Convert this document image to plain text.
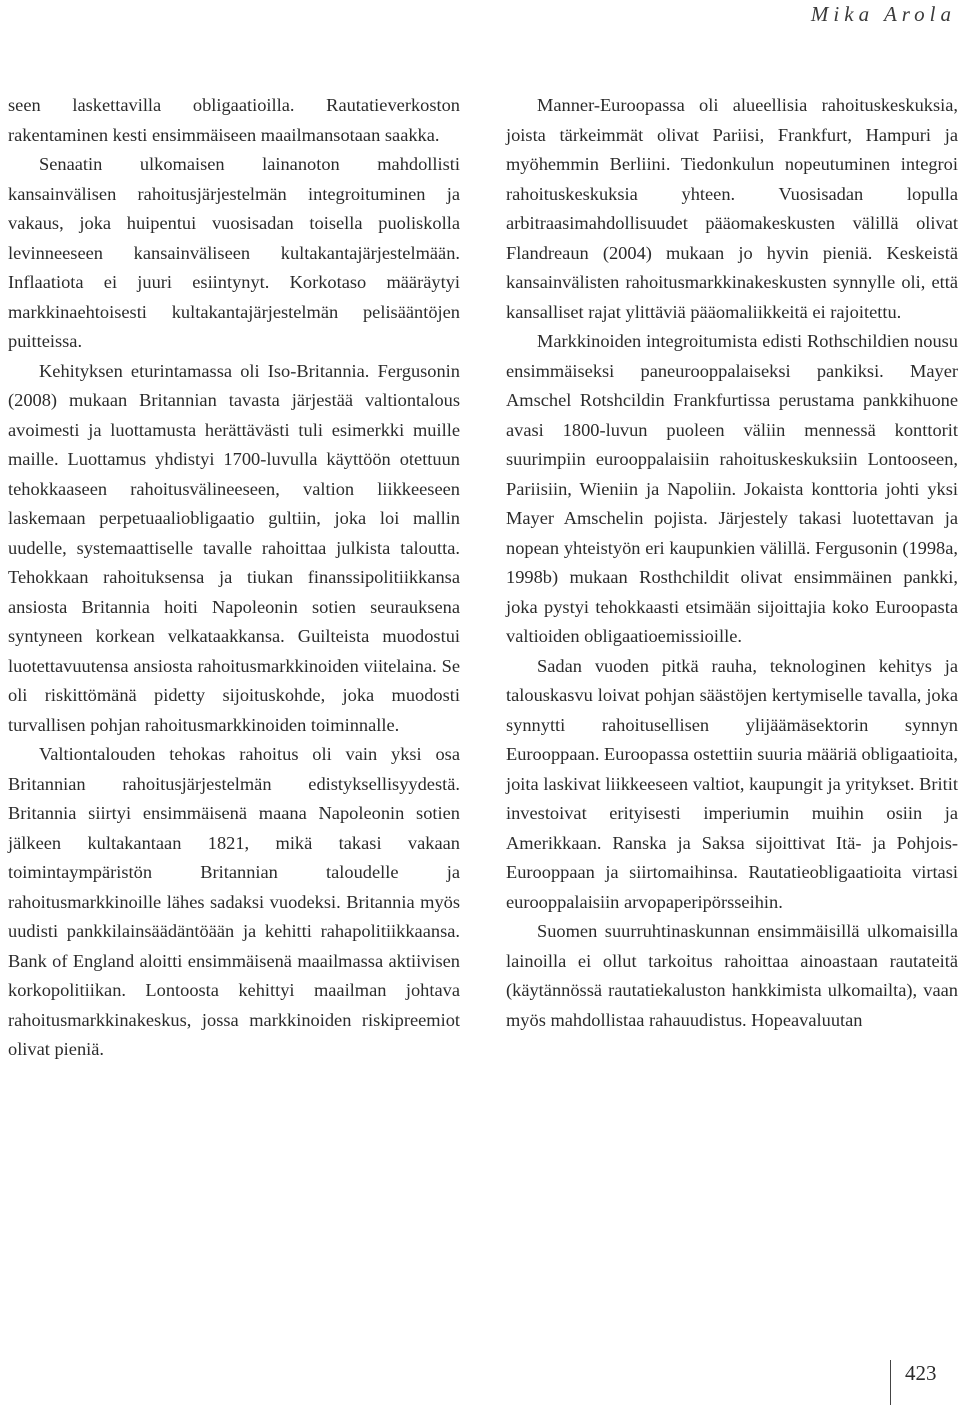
Mika Arola

seen laskettavilla obligaatioilla. Rautatieverkoston rakentaminen kesti ensimmäiseen maailmansotaan saakka.

Senaatin ulkomaisen lainanoton mahdollisti kansainvälisen rahoitusjärjestelmän integroituminen ja vakaus, joka huipentui vuosisadan toisella puoliskolla levinneeseen kansainväliseen kultakantajärjestelmään. Inflaatiota ei juuri esiintynyt. Korkotaso määräytyi markkinaehtoisesti kultakantajärjestelmän pelisääntöjen puitteissa.

Kehityksen eturintamassa oli Iso-Britannia. Fergusonin (2008) mukaan Britannian tavasta järjestää valtiontalous avoimesti ja luottamusta herättävästi tuli esimerkki muille maille. Luottamus yhdistyi 1700-luvulla käyttöön otettuun tehokkaaseen rahoitusvälineeseen, valtion liikkeeseen laskemaan perpetuaaliobligaatio gultiin, joka loi mallin uudelle, systemaattiselle tavalle rahoittaa julkista taloutta. Tehokkaan rahoituksensa ja tiukan finanssipolitiikkansa ansiosta Britannia hoiti Napoleonin sotien seurauksena syntyneen korkean velkataakkansa. Guilteista muodostui luotettavuutensa ansiosta rahoitusmarkkinoiden viitelaina. Se oli riskittömänä pidetty sijoituskohde, joka muodosti turvallisen pohjan rahoitusmarkkinoiden toiminnalle.

Valtiontalouden tehokas rahoitus oli vain yksi osa Britannian rahoitusjärjestelmän edistyksellisyydestä. Britannia siirtyi ensimmäisenä maana Napoleonin sotien jälkeen kultakantaan 1821, mikä takasi vakaan toimintaympäristön Britannian taloudelle ja rahoitusmarkkinoille lähes sadaksi vuodeksi. Britannia myös uudisti pankkilainsäädäntöään ja kehitti rahapolitiikkaansa. Bank of England aloitti ensimmäisenä maailmassa aktiivisen korkopolitiikan. Lontoosta kehittyi maailman johtava rahoitusmarkkinakeskus, jossa markkinoiden riskipreemiot olivat pieniä.

Manner-Euroopassa oli alueellisia rahoituskeskuksia, joista tärkeimmät olivat Pariisi, Frankfurt, Hampuri ja myöhemmin Berliini. Tiedonkulun nopeutuminen integroi rahoituskeskuksia yhteen. Vuosisadan lopulla arbitraasimahdollisuudet pääomakeskusten välillä olivat Flandreaun (2004) mukaan jo hyvin pieniä. Keskeistä kansainvälisten rahoitusmarkkinakeskusten synnylle oli, että kansalliset rajat ylittäviä pääomaliikkeitä ei rajoitettu.

Markkinoiden integroitumista edisti Rothschildien nousu ensimmäiseksi paneurooppalaiseksi pankiksi. Mayer Amschel Rotshcildin Frankfurtissa perustama pankkihuone avasi 1800-luvun puoleen väliin mennessä konttorit suurimpiin eurooppalaisiin rahoituskeskuksiin Lontooseen, Pariisiin, Wieniin ja Napoliin. Jokaista konttoria johti yksi Mayer Amschelin pojista. Järjestely takasi luotettavan ja nopean yhteistyön eri kaupunkien välillä. Fergusonin (1998a, 1998b) mukaan Rosthchildit olivat ensimmäinen pankki, joka pystyi tehokkaasti etsimään sijoittajia koko Euroopasta valtioiden obligaatioemissioille.

Sadan vuoden pitkä rauha, teknologinen kehitys ja talouskasvu loivat pohjan säästöjen kertymiselle tavalla, joka synnytti rahoitusellisen ylijäämäsektorin synnyn Eurooppaan. Euroopassa ostettiin suuria määriä obligaatioita, joita laskivat liikkeeseen valtiot, kaupungit ja yritykset. Britit investoivat erityisesti imperiumin muihin osiin ja Amerikkaan. Ranska ja Saksa sijoittivat Itä- ja Pohjois-Eurooppaan ja siirtomaihinsa. Rautatieobligaatioita virtasi eurooppalaisiin arvopaperipörsseihin.

Suomen suurruhtinaskunnan ensimmäisillä ulkomaisilla lainoilla ei ollut tarkoitus rahoittaa ainoastaan rautateitä (käytännössä rautatiekaluston hankkimista ulkomailta), vaan myös mahdollistaa rahauudistus. Hopeavaluutan

423
